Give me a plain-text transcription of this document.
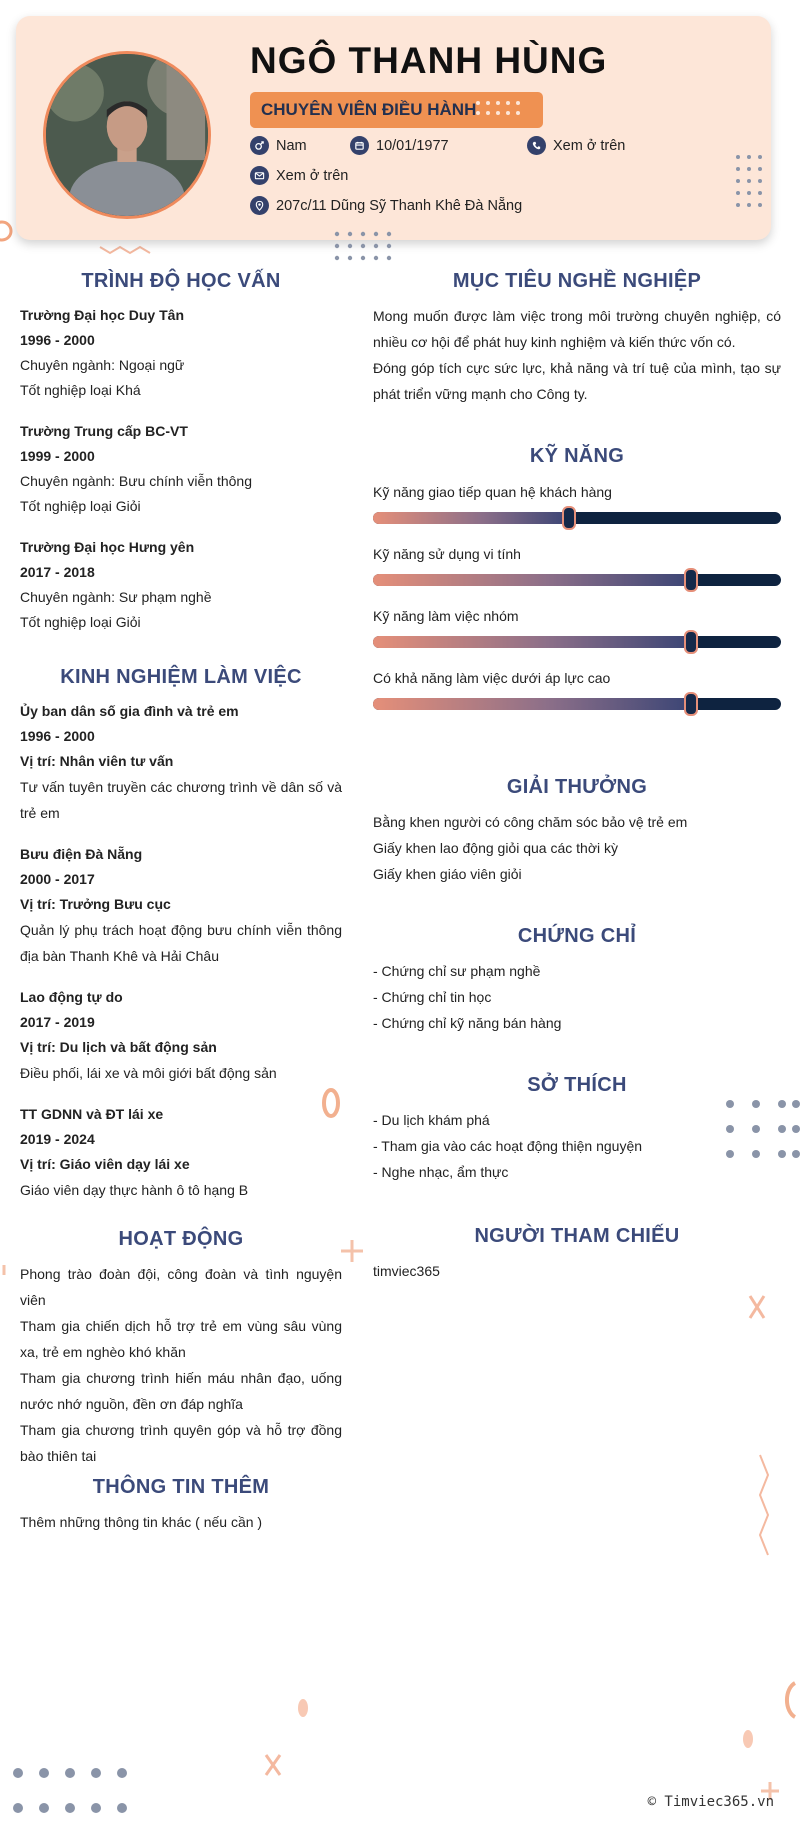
NGÔ THANH HÙNG
CHUYÊN VIÊN ĐIỀU HÀNH
Nam	10/01/1977	Xem ở trên
Xem ở trên
207c/11 Dũng Sỹ Thanh Khê Đà Nẵng
TRÌNH ĐỘ HỌC VẤN
Trường Đại học Duy Tân
1996 - 2000
Chuyên ngành: Ngoại ngữ
Tốt nghiệp loại Khá
Trường Trung cấp BC-VT
1999 - 2000
Chuyên ngành: Bưu chính viễn thông
Tốt nghiệp loại Giỏi
Trường Đại học Hưng yên
2017 - 2018
Chuyên ngành: Sư phạm nghề
Tốt nghiệp loại Giỏi
KINH NGHIỆM LÀM VIỆC
Ủy ban dân số gia đình và trẻ em
1996 - 2000
Vị trí: Nhân viên tư vấn
Tư vấn tuyên truyền các chương trình về dân số và trẻ em
Bưu điện Đà Nẵng
2000 - 2017
Vị trí: Trưởng Bưu cục
Quản lý phụ trách hoạt động bưu chính viễn thông địa bàn Thanh Khê và Hải Châu
Lao động tự do
2017 - 2019
Vị trí: Du lịch và bất động sản
Điều phối, lái xe và môi giới bất động sản
TT GDNN và ĐT lái xe
2019 - 2024
Vị trí: Giáo viên dạy lái xe
Giáo viên dạy thực hành ô tô hạng B
HOẠT ĐỘNG
Phong trào đoàn đội, công đoàn và tình nguyện viên
Tham gia chiến dịch hỗ trợ trẻ em vùng sâu vùng xa, trẻ em nghèo khó khăn
Tham gia chương trình hiến máu nhân đạo, uống nước nhớ nguồn, đền ơn đáp nghĩa
Tham gia chương trình quyên góp và hỗ trợ đồng bào thiên tai
THÔNG TIN THÊM
Thêm những thông tin khác ( nếu cần )
MỤC TIÊU NGHỀ NGHIỆP
Mong muốn được làm việc trong môi trường chuyên nghiệp, có nhiều cơ hội để phát huy kinh nghiệm và kiến thức vốn có.
Đóng góp tích cực sức lực, khả năng và trí tuệ của mình, tạo sự phát triển vững mạnh cho Công ty.
KỸ NĂNG
Kỹ năng giao tiếp quan hệ khách hàng
Kỹ năng sử dụng vi tính
Kỹ năng làm việc nhóm
Có khả năng làm việc dưới áp lực cao
GIẢI THƯỞNG
Bằng khen người có công chăm sóc bảo vệ trẻ em
Giấy khen lao động giỏi qua các thời kỳ
Giấy khen giáo viên giỏi
CHỨNG CHỈ
- Chứng chỉ sư phạm nghề
- Chứng chỉ tin học
- Chứng chỉ kỹ năng bán hàng
SỞ THÍCH
- Du lịch khám phá
- Tham gia vào các hoạt động thiện nguyện
- Nghe nhạc, ẩm thực
NGƯỜI THAM CHIẾU
timviec365
© Timviec365.vn
